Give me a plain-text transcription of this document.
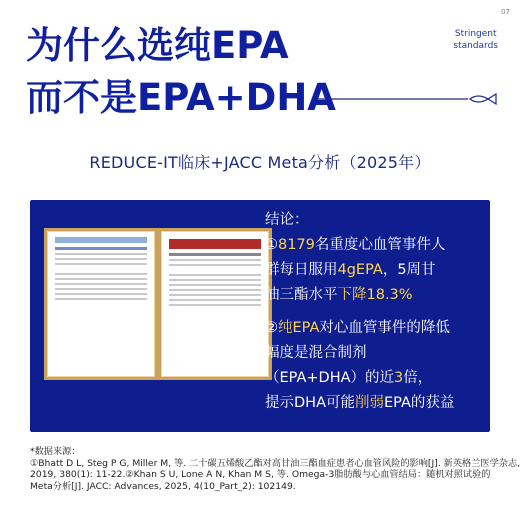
07
Stringent
standards
为什么选纯EPA
而不是EPA+DHA
REDUCE-IT临床+JACC Meta分析（2025年）

结论：

①8179名重度心血管事件人

群每日服用4gEPA，5周甘

油三酯水平下降18.3%

②纯EPA对心血管事件的降低

幅度是混合制剂

（EPA+DHA）的近3倍，

提示DHA可能削弱EPA的获益

*数据来源：
①Bhatt D L, Steg P G, Miller M, 等. 二十碳五烯酸乙酯对高甘油三酯血症患者心血管风险的影响[J]. 新英格兰医学杂志,
2019, 380(1): 11-22.②Khan S U, Lone A N, Khan M S, 等. Omega-3脂肪酸与心血管结局：随机对照试验的
Meta分析[J]. JACC: Advances, 2025, 4(10_Part_2): 102149.
